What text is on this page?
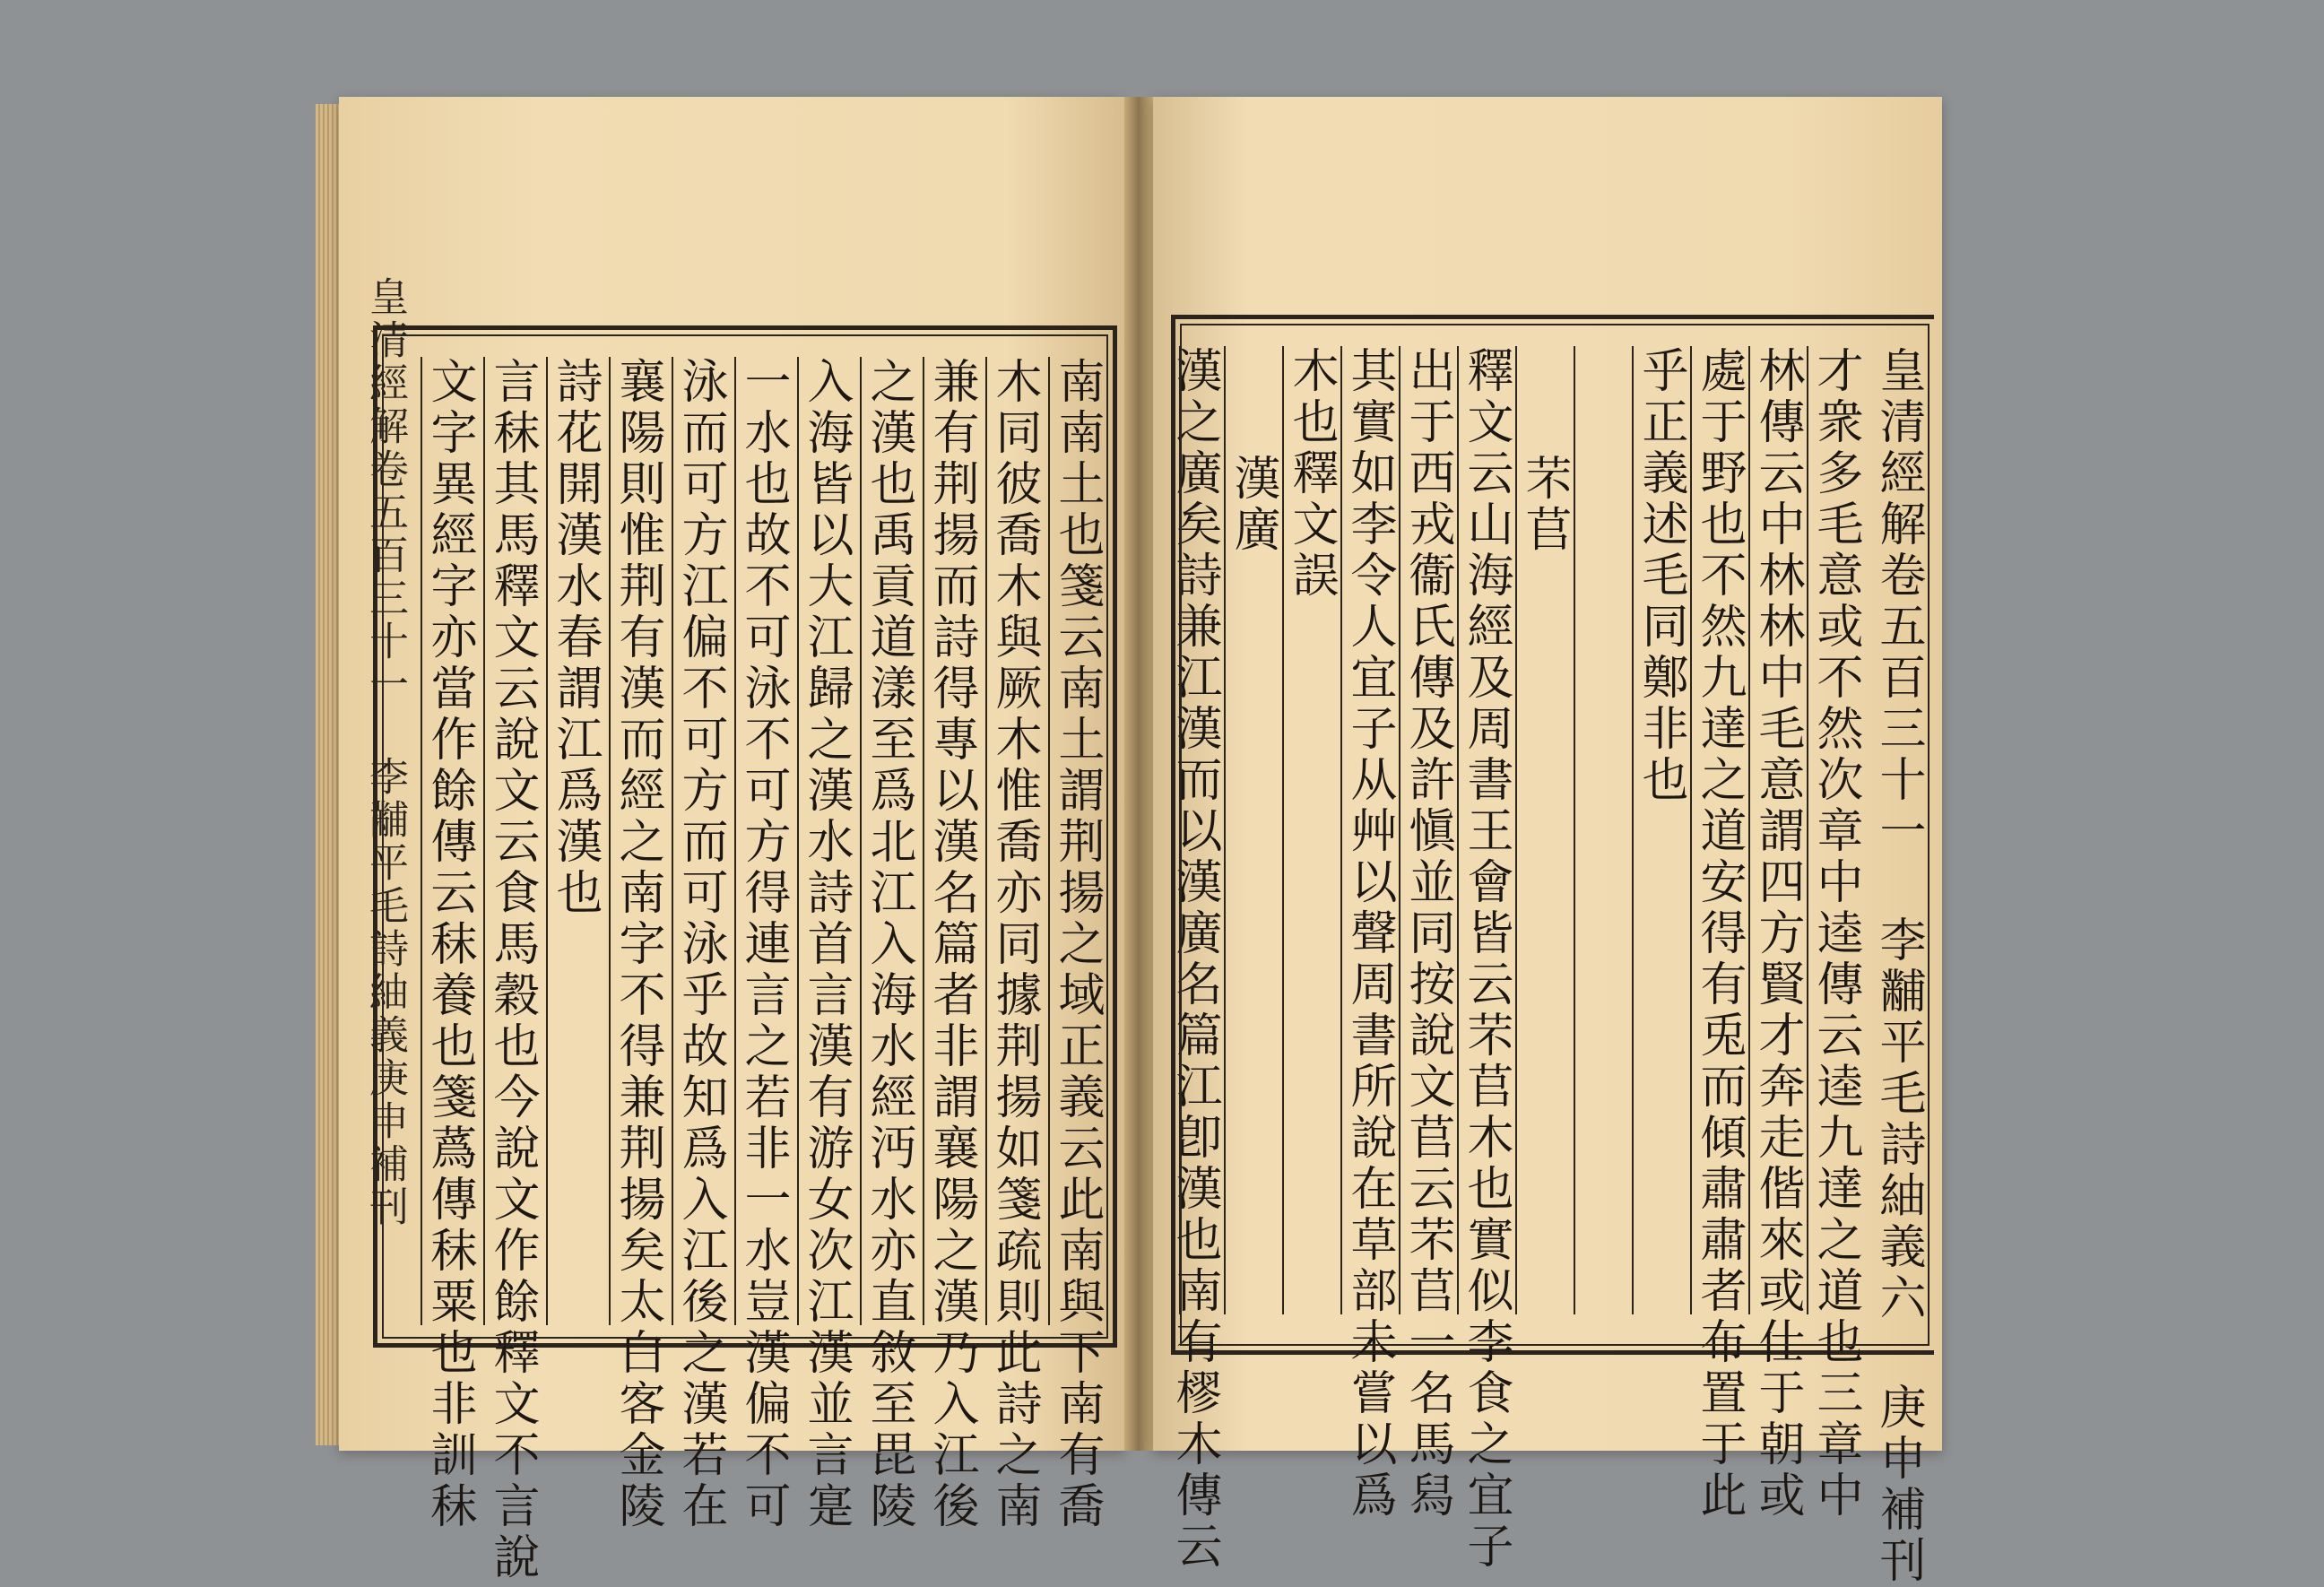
皇清經解卷五百三十一 李黼平毛詩紬義庚申補刊	南南土也箋云南土謂荆揚之域正義云此南與下南有喬
木同彼喬木與厥木惟喬亦同據荆揚如箋疏則此詩之南
兼有荆揚而詩得專以漢名篇者非謂襄陽之漢乃入江後
之漢也禹貢道漾至爲北江入海水經沔水亦直敘至毘陵
入海皆以大江歸之漢水詩首言漢有游女次江漢並言寔
一水也故不可泳不可方得連言之若非一水豈漢偏不可
泳而可方江偏不可方而可泳乎故知爲入江後之漢若在
襄陽則惟荆有漢而經之南字不得兼荆揚矣太白客金陵
詩花開漢水春謂江爲漢也
言秣其馬釋文云說文云食馬穀也今說文作餘釋文不言說
文字異經字亦當作餘傳云秣養也箋蔿傳秣粟也非訓秣	皇清經解卷五百三十一 李黼平毛詩紬義六 庚申補刊
才衆多毛意或不然次章中逵傳云逵九達之道也三章中
林傳云中林林中毛意謂四方賢才奔走偕來或仕于朝或
處于野也不然九達之道安得有兎而傾肅肅者布置于此
乎正義述毛同鄭非也
芣苢
釋文云山海經及周書王會皆云芣苢木也實似李食之宜子
出于西戎衞氏傳及許愼並同按說文苢云芣苢一名馬舄
其實如李令人宜子从艸以聲周書所說在草部未嘗以爲
木也釋文誤
漢廣
漢之廣矣詩兼江漢而以漢廣名篇江卽漢也南有樛木傳云
